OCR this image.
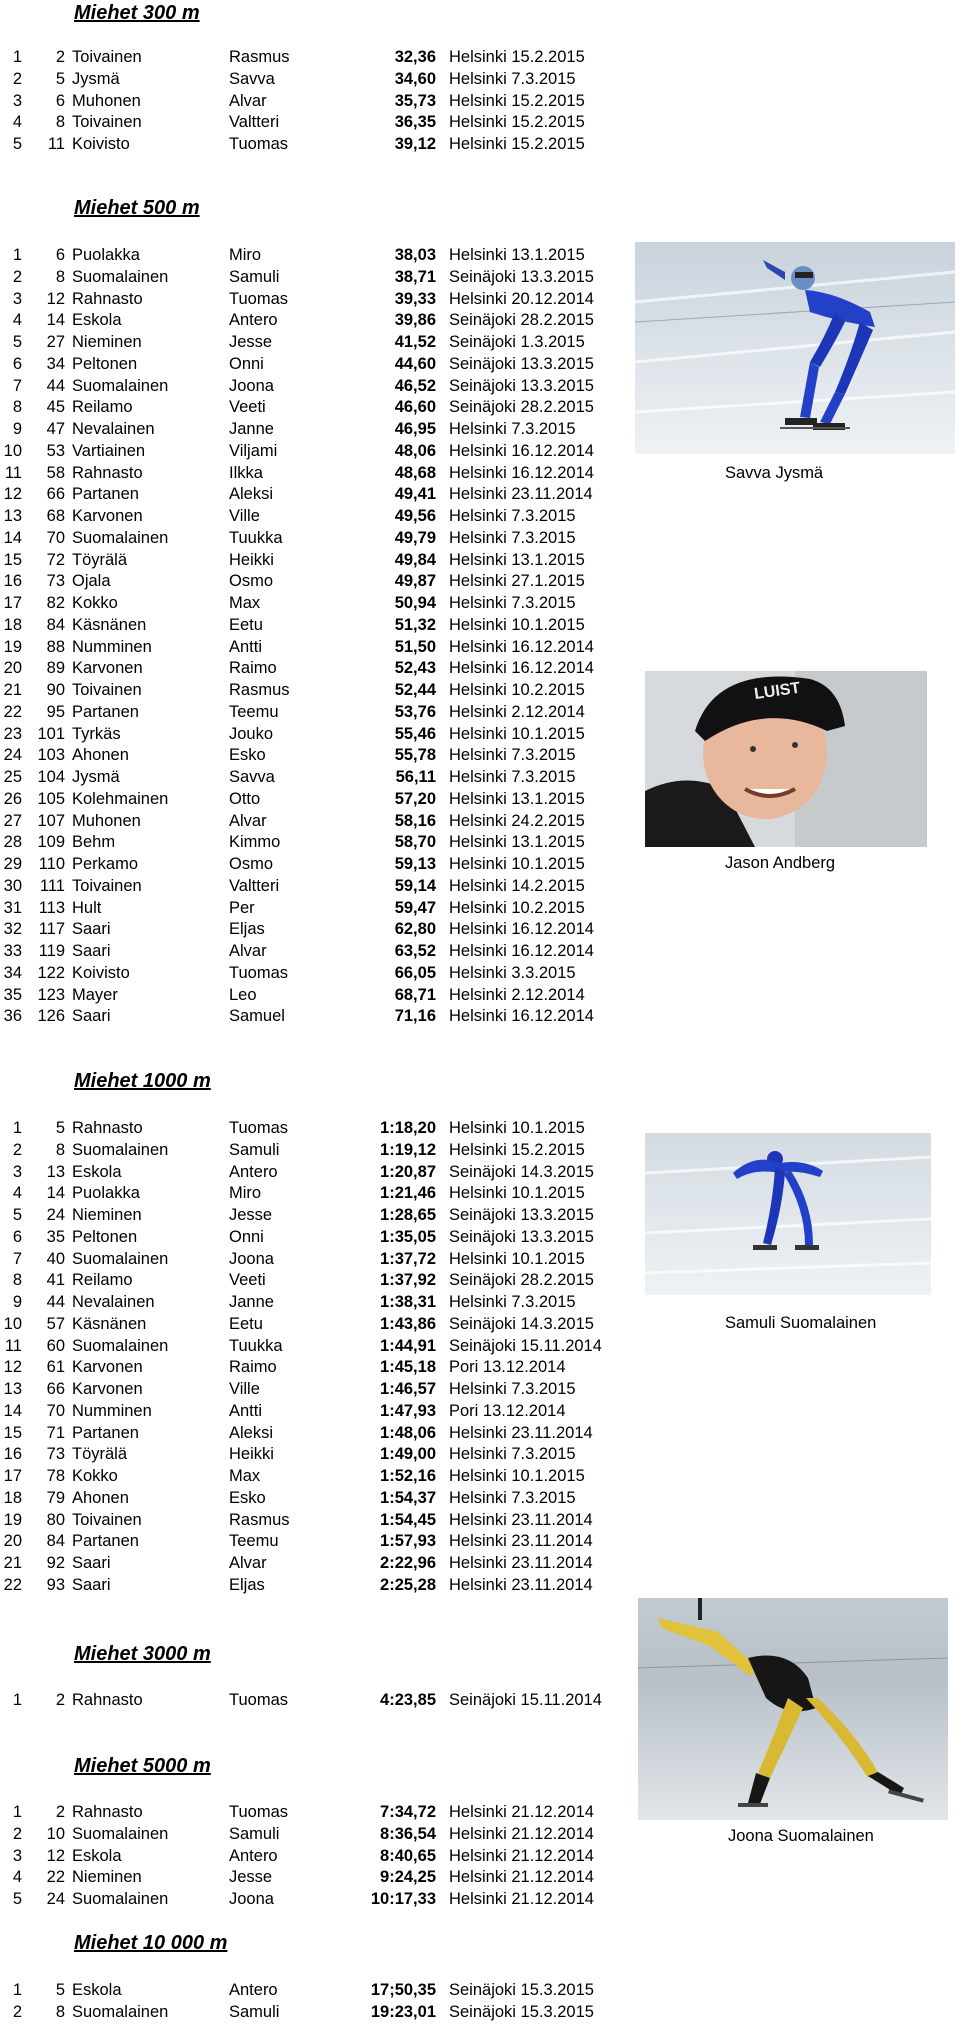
Miehet 300 m
1	2 Toivainen	Rasmus	32,36 Helsinki 15.2.2015
2	5 Jysmä	Savva	34,60 Helsinki 7.3.2015
3	6 Muhonen	Alvar	35,73 Helsinki 15.2.2015
4	8 Toivainen	Valtteri	36,35 Helsinki 15.2.2015
5	11 Koivisto	Tuomas	39,12 Helsinki 15.2.2015
Miehet 500 m
1	6 Puolakka	Miro	38,03 Helsinki 13.1.2015
2	8 Suomalainen	Samuli	38,71 Seinäjoki 13.3.2015
3	12 Rahnasto	Tuomas	39,33 Helsinki 20.12.2014
4	14 Eskola	Antero	39,86 Seinäjoki 28.2.2015
5	27 Nieminen	Jesse	41,52 Seinäjoki 1.3.2015
6	34 Peltonen	Onni	44,60 Seinäjoki 13.3.2015
7	44 Suomalainen	Joona	46,52 Seinäjoki 13.3.2015
8	45 Reilamo	Veeti	46,60 Seinäjoki 28.2.2015
9	47 Nevalainen	Janne	46,95 Helsinki 7.3.2015
10	53 Vartiainen	Viljami	48,06 Helsinki 16.12.2014
11	58 Rahnasto	Ilkka	48,68 Helsinki 16.12.2014
12	66 Partanen	Aleksi	49,41 Helsinki 23.11.2014
13	68 Karvonen	Ville	49,56 Helsinki 7.3.2015
14	70 Suomalainen	Tuukka	49,79 Helsinki 7.3.2015
15	72 Töyrälä	Heikki	49,84 Helsinki 13.1.2015
16	73 Ojala	Osmo	49,87 Helsinki 27.1.2015
17	82 Kokko	Max	50,94 Helsinki 7.3.2015
18	84 Käsnänen	Eetu	51,32 Helsinki 10.1.2015
19	88 Numminen	Antti	51,50 Helsinki 16.12.2014
20	89 Karvonen	Raimo	52,43 Helsinki 16.12.2014
21	90 Toivainen	Rasmus	52,44 Helsinki 10.2.2015
22	95 Partanen	Teemu	53,76 Helsinki 2.12.2014
23 101 Tyrkäs	Jouko	55,46 Helsinki 10.1.2015
24 103 Ahonen	Esko	55,78 Helsinki 7.3.2015
25 104 Jysmä	Savva	56,11 Helsinki 7.3.2015
26 105 Kolehmainen	Otto	57,20 Helsinki 13.1.2015
27 107 Muhonen	Alvar	58,16 Helsinki 24.2.2015
28 109 Behm	Kimmo	58,70 Helsinki 13.1.2015
29	110 Perkamo	Osmo	59,13 Helsinki 10.1.2015
30	111 Toivainen	Valtteri	59,14 Helsinki 14.2.2015
31	113 Hult	Per	59,47 Helsinki 10.2.2015
32	117 Saari	Eljas	62,80 Helsinki 16.12.2014
33	119 Saari	Alvar	63,52 Helsinki 16.12.2014
34 122 Koivisto	Tuomas	66,05 Helsinki 3.3.2015
35 123 Mayer	Leo	68,71 Helsinki 2.12.2014
36 126 Saari	Samuel	71,16 Helsinki 16.12.2014
Miehet 1000 m
1	5 Rahnasto	Tuomas	1:18,20 Helsinki 10.1.2015
2	8 Suomalainen	Samuli	1:19,12 Helsinki 15.2.2015
3	13 Eskola	Antero	1:20,87 Seinäjoki 14.3.2015
4	14 Puolakka	Miro	1:21,46 Helsinki 10.1.2015
5	24 Nieminen	Jesse	1:28,65 Seinäjoki 13.3.2015
6	35 Peltonen	Onni	1:35,05 Seinäjoki 13.3.2015
7	40 Suomalainen	Joona	1:37,72 Helsinki 10.1.2015
8	41 Reilamo	Veeti	1:37,92 Seinäjoki 28.2.2015
9	44 Nevalainen	Janne	1:38,31 Helsinki 7.3.2015
10	57 Käsnänen	Eetu	1:43,86 Seinäjoki 14.3.2015
11	60 Suomalainen	Tuukka	1:44,91 Seinäjoki 15.11.2014
12	61 Karvonen	Raimo	1:45,18 Pori 13.12.2014
13	66 Karvonen	Ville	1:46,57 Helsinki 7.3.2015
14	70 Numminen	Antti	1:47,93 Pori 13.12.2014
15	71 Partanen	Aleksi	1:48,06 Helsinki 23.11.2014
16	73 Töyrälä	Heikki	1:49,00 Helsinki 7.3.2015
17	78 Kokko	Max	1:52,16 Helsinki 10.1.2015
18	79 Ahonen	Esko	1:54,37 Helsinki 7.3.2015
19	80 Toivainen	Rasmus	1:54,45 Helsinki 23.11.2014
20	84 Partanen	Teemu	1:57,93 Helsinki 23.11.2014
21	92 Saari	Alvar	2:22,96 Helsinki 23.11.2014
22	93 Saari	Eljas	2:25,28 Helsinki 23.11.2014
Miehet 3000 m
1	2 Rahnasto	Tuomas	4:23,85 Seinäjoki 15.11.2014
Miehet 5000 m
1	2 Rahnasto	Tuomas	7:34,72 Helsinki 21.12.2014
2	10 Suomalainen	Samuli	8:36,54 Helsinki 21.12.2014
3	12 Eskola	Antero	8:40,65 Helsinki 21.12.2014
4	22 Nieminen	Jesse	9:24,25 Helsinki 21.12.2014
5	24 Suomalainen	Joona	10:17,33 Helsinki 21.12.2014
Miehet 10 000 m
1	5 Eskola	Antero	17;50,35 Seinäjoki 15.3.2015
2	8 Suomalainen	Samuli	19:23,01 Seinäjoki 15.3.2015
Savva Jysmä
LUIST
Jason Andberg
Samuli Suomalainen
Joona Suomalainen
